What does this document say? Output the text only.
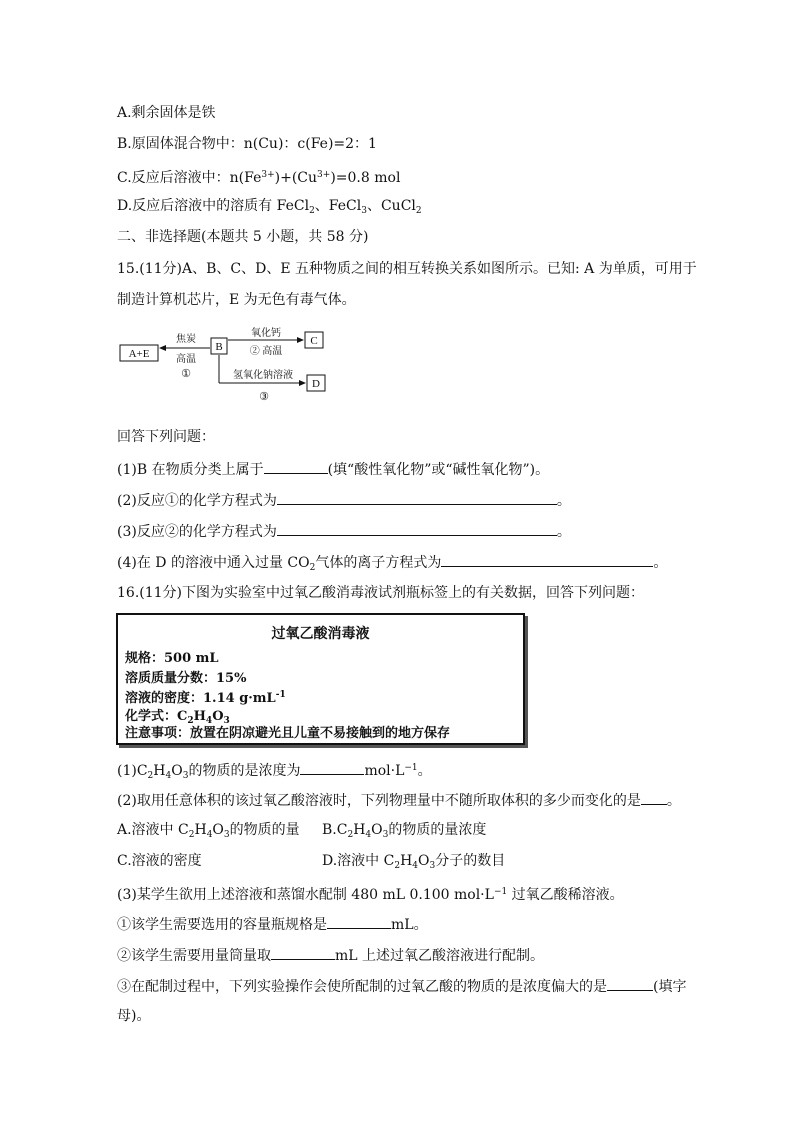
A.剩余固体是铁
B.原固体混合物中：n(Cu)：c(Fe)=2：1
C.反应后溶液中：$n(Fe^{3+})+(Cu^{3+})=0.8$ mol
D.反应后溶液中的溶质有 FeCl$_2$、FeCl$_3$、CuCl$_2$
二、非选择题(本题共 5 小题，共 58 分)
15.(11分)A、B、C、D、E 五种物质之间的相互转换关系如图所示。已知: A 为单质，可用于
制造计算机芯片，E 为无色有毒气体。
A+E
B	C
D
焦炭
高温
①
氧化钙
② 高温
氢氧化钠溶液
③
回答下列问题：
(1)B 在物质分类上属于	(填“酸性氧化物”或“碱性氧化物”)。
(2)反应①的化学方程式为	。
(3)反应②的化学方程式为	。
(4)在 D 的溶液中通入过量 $CO_2$气体的离子方程式为	。
16.(11分)下图为实验室中过氧乙酸消毒液试剂瓶标签上的有关数据，回答下列问题：
过氧乙酸消毒液
规格：500 mL
溶质质量分数：15%
溶液的密度：1.14 $g\cdot mL^{-1}$
化学式：$C_2H_4O_3$
注意事项：放置在阴凉避光且儿童不易接触到的地方保存
$(1)C_2H_4O_3$的物质的是浓度为	$mol\cdot L^{-1}$。
(2)取用任意体积的该过氧乙酸溶液时，下列物理量中不随所取体积的多少而变化的是 。
A.溶液中 $C_2H_4O_3$的物质的量 $B.C_2H_4O_3$的物质的量浓度
C.溶液的密度	D.溶液中 $C_2H_4O_3$分子的数目
(3)某学生欲用上述溶液和蒸馏水配制 480 mL 0.100 $mol\cdot L^{-1}$ 过氧乙酸稀溶液。
①该学生需要选用的容量瓶规格是	mL。
②该学生需要用量筒量取	mL 上述过氧乙酸溶液进行配制。
③在配制过程中，下列实验操作会使所配制的过氧乙酸的物质的是浓度偏大的是	(填字
母)。
